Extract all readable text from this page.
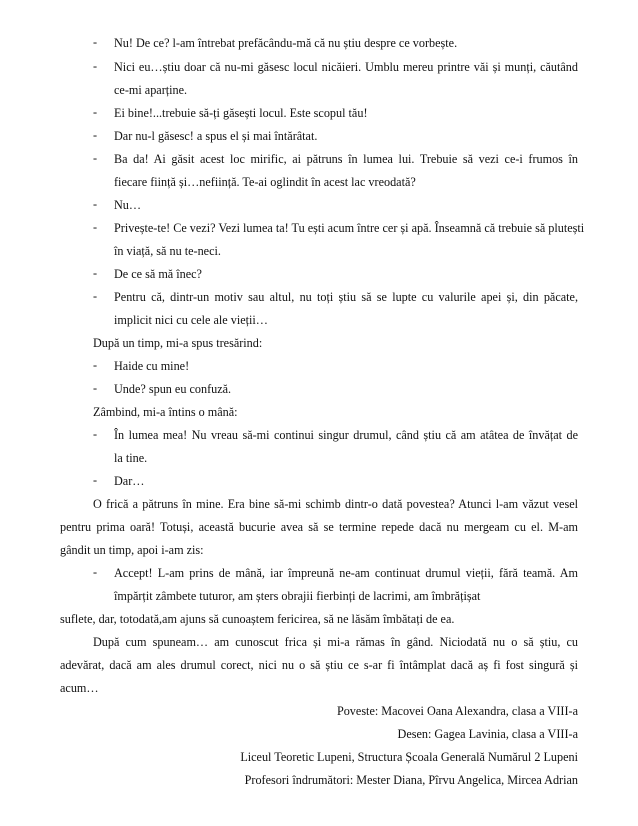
- Nu! De ce? l-am întrebat prefăcându-mă că nu știu despre ce vorbește.
- Nici eu…știu doar că nu-mi găsesc locul nicăieri. Umblu mereu printre văi și munți, căutând
ce-mi aparține.
- Ei bine!...trebuie să-ți găsești locul. Este scopul tău!
- Dar nu-l găsesc! a spus el și mai întărâtat.
- Ba da! Ai găsit acest loc mirific, ai pătruns în lumea lui. Trebuie să vezi ce-i frumos în
fiecare ființă și…neființă. Te-ai oglindit în acest lac vreodată?
- Nu…
- Privește-te! Ce vezi? Vezi lumea ta! Tu ești acum între cer și apă. Înseamnă că trebuie să plutești
în viață, să nu te-neci.
- De ce să mă înec?
- Pentru că, dintr-un motiv sau altul, nu toți știu să se lupte cu valurile apei și, din păcate,
implicit nici cu cele ale vieții…
După un timp, mi-a spus tresărind:
- Haide cu mine!
- Unde? spun eu confuză.
Zâmbind, mi-a întins o mână:
- În lumea mea! Nu vreau să-mi continui singur drumul, când știu că am atâtea de învățat de
la tine.
- Dar…
O frică a pătruns în mine. Era bine să-mi schimb dintr-o dată povestea? Atunci l-am văzut vesel
pentru prima oară! Totuși, această bucurie avea să se termine repede dacă nu mergeam cu el. M-am
gândit un timp, apoi i-am zis:
- Accept! L-am prins de mână, iar împreună ne-am continuat drumul vieții, fără teamă. Am
împărțit zâmbete tuturor, am șters obrajii fierbinți de lacrimi, am îmbrățișat
suflete, dar, totodată,am ajuns să cunoaștem fericirea, să ne lăsăm îmbătați de ea.
După cum spuneam… am cunoscut frica și mi-a rămas în gând. Niciodată nu o să știu, cu
adevărat, dacă am ales drumul corect, nici nu o să știu ce s-ar fi întâmplat dacă aș fi fost singură și
acum…
Poveste: Macovei Oana Alexandra, clasa a VIII-a
Desen: Gagea Lavinia, clasa a VIII-a
Liceul Teoretic Lupeni, Structura Școala Generală Numărul 2 Lupeni
Profesori îndrumători: Mester Diana, Pîrvu Angelica, Mircea Adrian
